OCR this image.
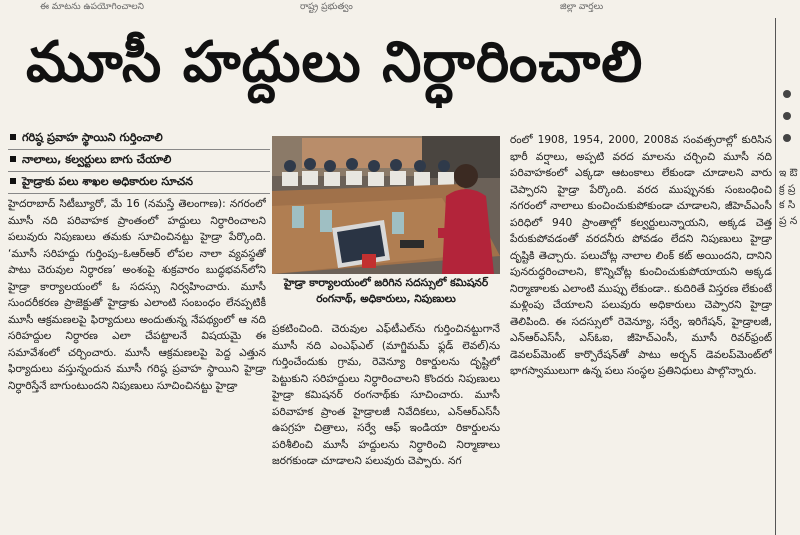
ఈ మాటను ఉపయోగించాలని	రాష్ట్ర ప్రభుత్వం	జిల్లా వార్తలు
మూసీ హద్దులు నిర్ధారించాలి
గరిష్ఠ ప్రవాహ స్థాయిని గుర్తించాలి
నాలాలు, కల్వర్టులు బాగు చేయాలి
హైడ్రాకు పలు శాఖల అధికారుల సూచన

హైదరాబాద్ సిటీబ్యూరో, మే 16 (నమస్తే తెలంగాణ): నగరంలో మూసీ నది పరివాహక ప్రాంతంలో హద్దులు నిర్ధారించాలని పలువురు నిపుణులు తమకు సూచించినట్టు హైడ్రా పేర్కొంది. ‘మూసీ సరిహద్దు గుర్తింపు–ఓఆర్ఆర్ లోపల నాలా వ్యవస్థతో పాటు చెరువుల నిర్ధారణ’ అంశంపై శుక్రవారం బుద్ధభవన్‌లోని హైడ్రా కార్యాలయంలో ఓ సదస్సు నిర్వహించారు. మూసీ సుందరీకరణ ప్రాజెక్టుతో హైడ్రాకు ఎలాంటి సంబంధం లేనప్పటికీ మూసీ ఆక్రమణలపై ఫిర్యాదులు అందుతున్న నేపథ్యంలో ఆ నది సరిహద్దుల నిర్ధారణ ఎలా చేపట్టాలనే విషయమై ఈ సమావేశంలో చర్చించారు. మూసీ ఆక్రమణలపై పెద్ద ఎత్తున ఫిర్యాదులు వస్తున్నందున మూసీ గరిష్ఠ ప్రవాహ స్థాయిని హైడ్రా నిర్ధారిస్తేనే బాగుంటుందని నిపుణులు సూచించినట్టు హైడ్రా

హైడ్రా కార్యాలయంలో జరిగిన సదస్సులో కమిషనర్ రంగనాథ్, అధికారులు, నిపుణులు

ప్రకటించింది. చెరువుల ఎఫ్‌టీఎల్‌ను గుర్తించినట్టుగానే మూసీ నది ఎంఎఫ్ఎల్ (మాగ్జిమమ్ ఫ్లడ్ లెవల్)ను గుర్తించేందుకు గ్రామ, రెవెన్యూ రికార్డులను దృష్టిలో పెట్టుకుని సరిహద్దులు నిర్ధారించాలని కొందరు నిపుణులు హైడ్రా కమిషనర్ రంగనాథ్‌కు సూచించారు. మూసీ పరివాహక ప్రాంత హైడ్రాలజీ నివేదికలు, ఎన్ఆర్ఎస్‌సీ ఉపగ్రహ చిత్రాలు, సర్వే ఆఫ్ ఇండియా రికార్డులను పరిశీలించి మూసీ హద్దులను నిర్ధారించి నిర్మాణాలు జరగకుండా చూడాలని పలువురు చెప్పారు. నగ

రంలో 1908, 1954, 2000, 2008వ సంవత్సరాల్లో కురిసిన భారీ వర్షాలు, అప్పటి వరద మాలను చర్చించి మూసీ నది పరివాహకంలో ఎక్కడా ఆటంకాలు లేకుండా చూడాలని వారు చెప్పారని హైడ్రా పేర్కొంది. వరద ముప్పునకు సంబంధించి నగరంలో నాలాలు కుంచించుకుపోకుండా చూడాలని, జీహెచ్ఎంసీ పరిధిలో 940 ప్రాంతాల్లో కల్వర్టులున్నాయని, అక్కడ చెత్త పేరుకుపోవడంతో వరదనీరు పోవడం లేదని నిపుణులు హైడ్రా దృష్టికి తెచ్చారు. పలుచోట్ల నాలాల లింక్ కట్ అయిందని, దానిని పునరుద్ధరించాలని, కొన్నిచోట్ల కుంచించుకుపోయాయని అక్కడ నిర్మాణాలకు ఎలాంటి ముప్పు లేకుండా.. కుదిరితే విస్తరణ లేకుంటే మళ్లింపు చేయాలని పలువురు అధికారులు చెప్పారని హైడ్రా తెలిపింది. ఈ సదస్సులో రెవెన్యూ, సర్వే, ఇరిగేషన్, హైడ్రాలజీ, ఎన్ఆర్ఎస్‌సీ, ఎస్ఓఐ, జీహెచ్ఎంసీ, మూసీ రివర్‌ఫ్రంట్ డెవలప్‌మెంట్ కార్పొరేషన్‌తో పాటు అర్బన్ డెవలప్‌మెంట్‌లో భాగస్వాములుగా ఉన్న పలు సంస్థల ప్రతినిధులు పాల్గొన్నారు.

ఇ ఔ క్ర ప్ర క సి ప్ర న
